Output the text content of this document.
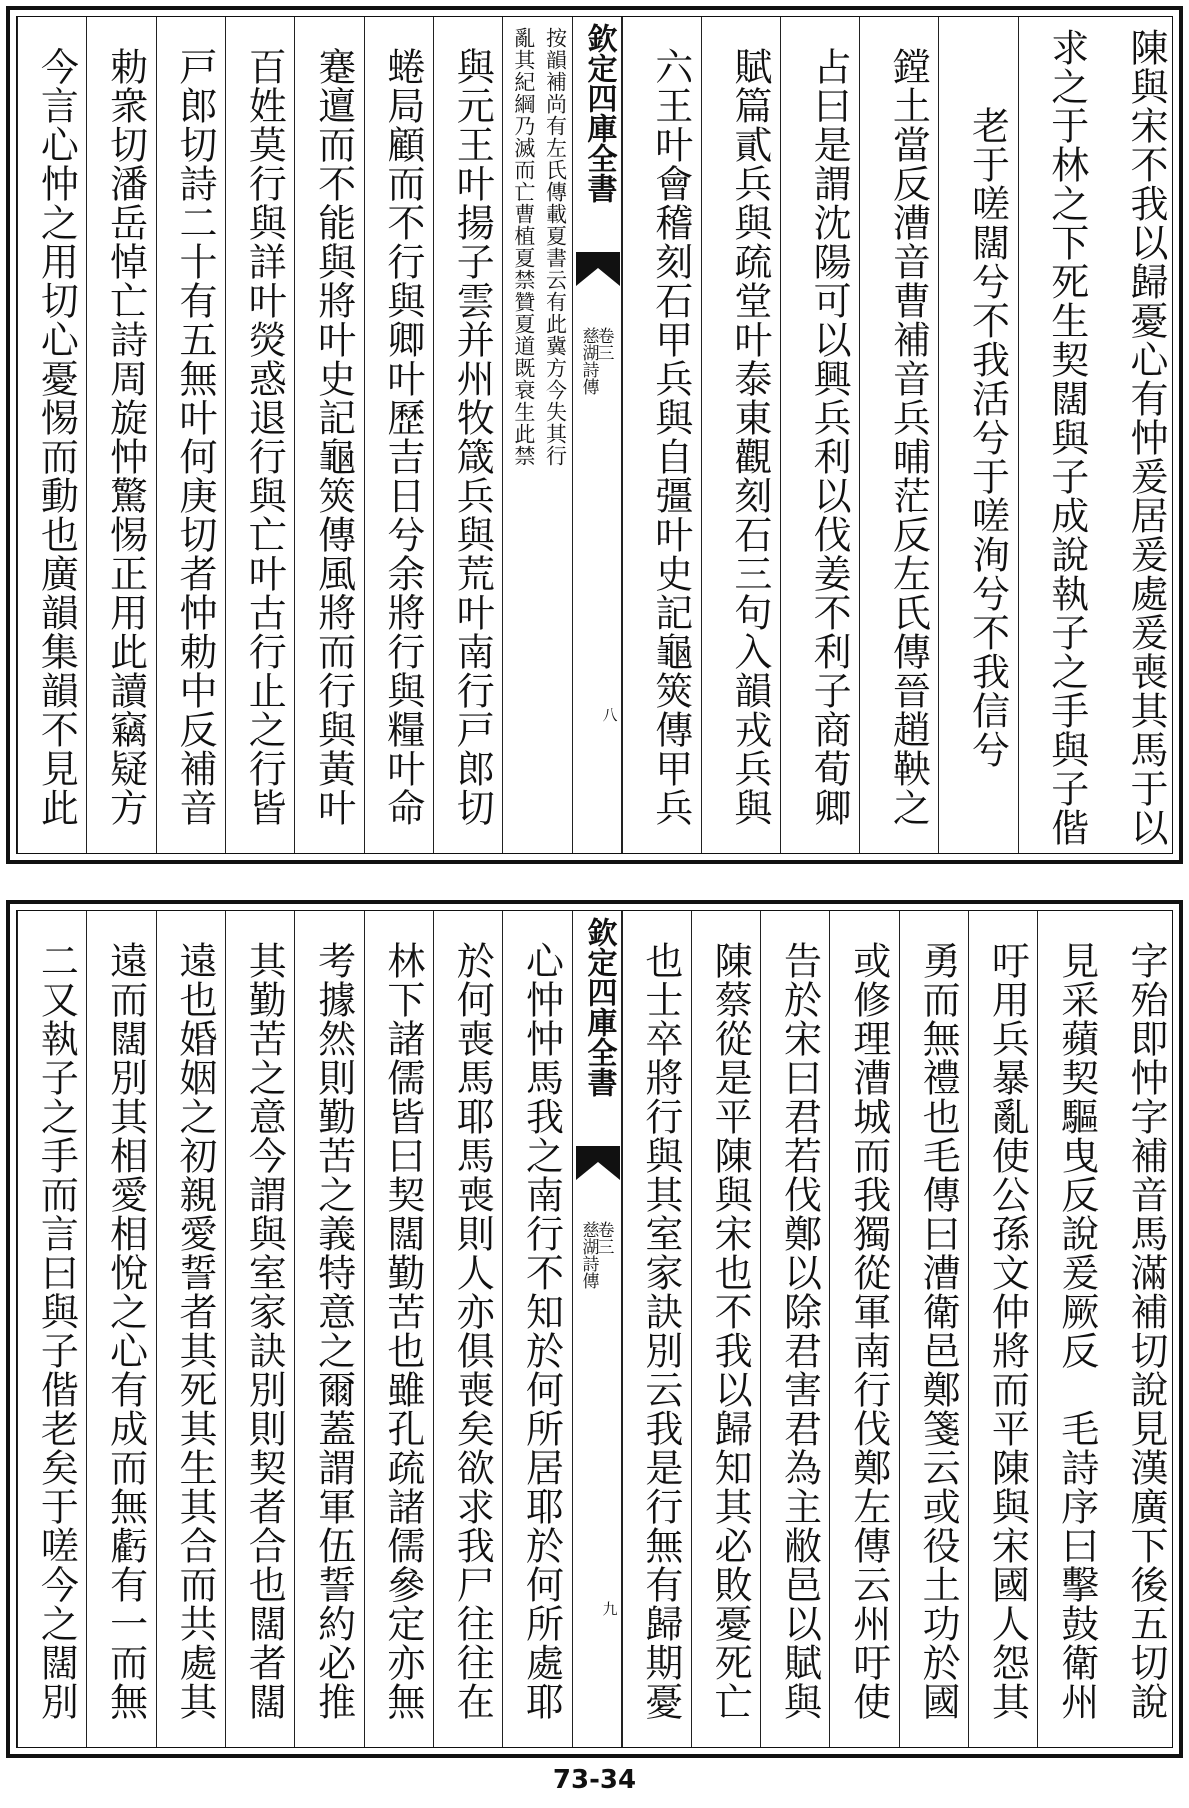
陳與宋不我以歸憂心有忡爰居爰處爰喪其馬于以
求之于林之下死生契闊與子成說執子之手與子偕
老于嗟闊兮不我活兮于嗟洵兮不我信兮
鏜土當反漕音曹補音兵晡茫反左氏傳晉趙鞅之
占曰是謂沈陽可以興兵利以伐姜不利子商荀卿
賦篇貳兵與疏堂叶泰東觀刻石三句入韻戎兵與
六王叶會稽刻石甲兵與自彊叶史記龜筴傳甲兵
欽定四庫全書
卷三
慈湖詩傳
八
按韻補尚有左氏傳載夏書云有此冀方今失其行
亂其紀綱乃滅而亡曹植夏禁贊夏道既衰生此禁
與元王叶揚子雲并州牧箴兵與荒叶南行戸郎切
蜷局顧而不行與卿叶歷吉日兮余將行與糧叶命
蹇邅而不能與將叶史記龜筴傳風將而行與黃叶
百姓莫行與詳叶熒惑退行與亡叶古行止之行皆
戸郎切詩二十有五無叶何庚切者忡勅中反補音
勅衆切潘岳悼亡詩周旋忡驚惕正用此讀竊疑方
今言心忡之用切心憂惕而動也廣韻集韻不見此
字殆即忡字補音馬滿補切說見漢廣下後五切說
見采蘋契驅曳反說爰厥反　毛詩序曰擊鼓衛州
吁用兵暴亂使公孫文仲將而平陳與宋國人怨其
勇而無禮也毛傳曰漕衛邑鄭箋云或役土功於國
或修理漕城而我獨從軍南行伐鄭左傳云州吁使
告於宋曰君若伐鄭以除君害君為主敝邑以賦與
陳蔡從是平陳與宋也不我以歸知其必敗憂死亡
也士卒將行與其室家訣別云我是行無有歸期憂
欽定四庫全書
卷三
慈湖詩傳
九
心忡忡馬我之南行不知於何所居耶於何所處耶
於何喪馬耶馬喪則人亦俱喪矣欲求我尸往往在
林下諸儒皆曰契闊勤苦也雖孔疏諸儒參定亦無
考據然則勤苦之義特意之爾蓋謂軍伍誓約必推
其勤苦之意今謂與室家訣別則契者合也闊者闊
遠也婚姻之初親愛誓者其死其生其合而共處其
遠而闊別其相愛相悅之心有成而無虧有一而無
二又執子之手而言曰與子偕老矣于嗟今之闊別
73-34
